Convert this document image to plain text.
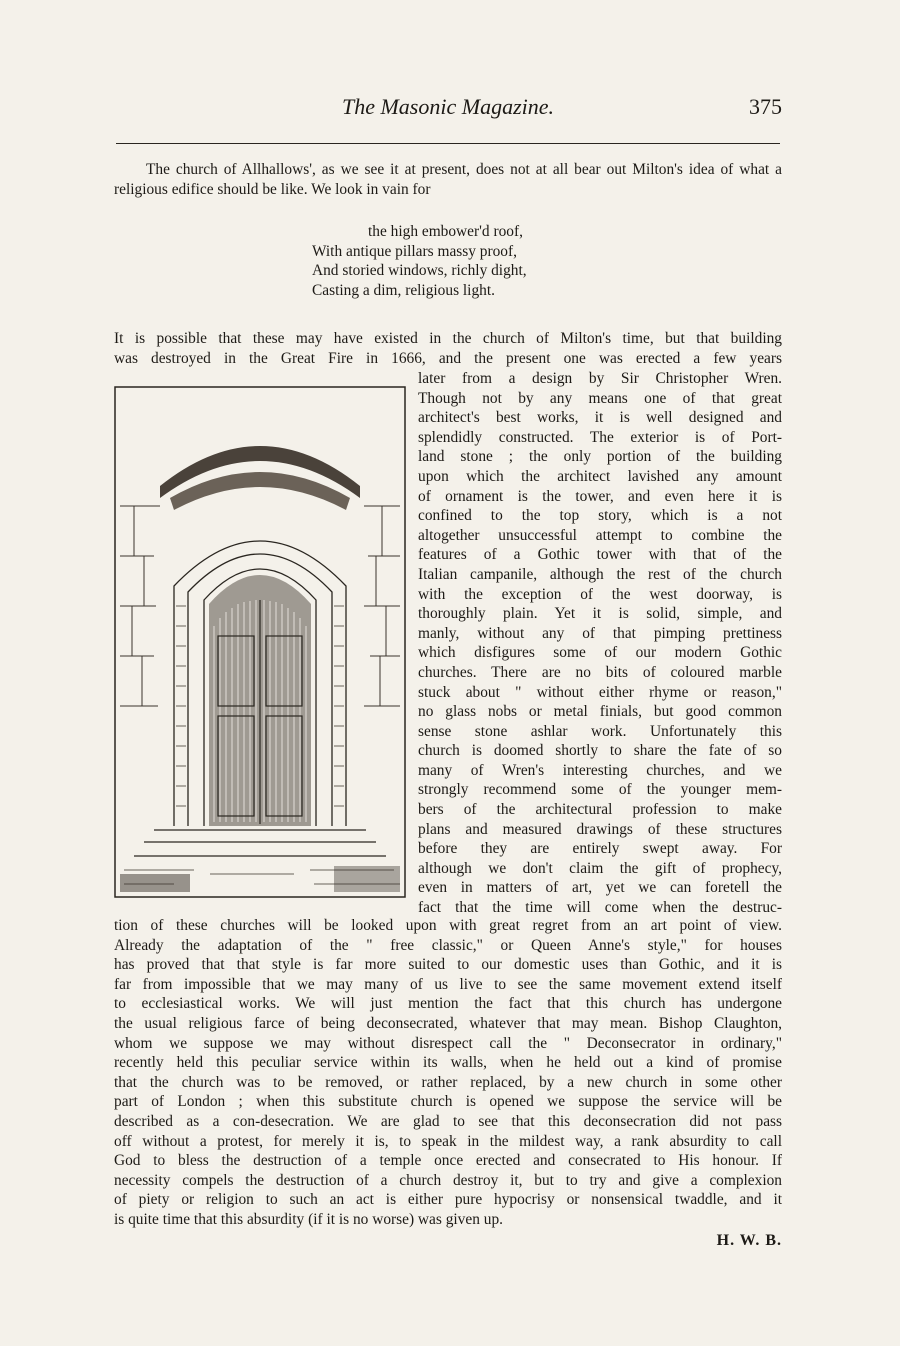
The Masonic Magazine.	375
The church of Allhallows', as we see it at present, does not at all bear out Milton's idea of what a religious edifice should be like. We look in vain for
the high embower'd roof,
With antique pillars massy proof,
And storied windows, richly dight,
Casting a dim, religious light.
It is possible that these may have existed in the church of Milton's time, but that building
was destroyed in the Great Fire in 1666, and the present one was erected a few years
later from a design by Sir Christopher Wren.
Though not by any means one of that great
architect's best works, it is well designed and
splendidly constructed. The exterior is of Port-
land stone ; the only portion of the building
upon which the architect lavished any amount
of ornament is the tower, and even here it is
confined to the top story, which is a not
altogether unsuccessful attempt to combine the
features of a Gothic tower with that of the
Italian campanile, although the rest of the church
with the exception of the west doorway, is
thoroughly plain. Yet it is solid, simple, and
manly, without any of that pimping prettiness
which disfigures some of our modern Gothic
churches. There are no bits of coloured marble
stuck about " without either rhyme or reason,"
no glass nobs or metal finials, but good common
sense stone ashlar work. Unfortunately this
church is doomed shortly to share the fate of so
many of Wren's interesting churches, and we
strongly recommend some of the younger mem-
bers of the architectural profession to make
plans and measured drawings of these structures
before they are entirely swept away. For
although we don't claim the gift of prophecy,
even in matters of art, yet we can foretell the
fact that the time will come when the destruc-
tion of these churches will be looked upon with great regret from an art point of view.
Already the adaptation of the " free classic," or Queen Anne's style," for houses
has proved that that style is far more suited to our domestic uses than Gothic, and it is
far from impossible that we may many of us live to see the same movement extend itself
to ecclesiastical works. We will just mention the fact that this church has undergone
the usual religious farce of being deconsecrated, whatever that may mean. Bishop Claughton,
whom we suppose we may without disrespect call the " Deconsecrator in ordinary,"
recently held this peculiar service within its walls, when he held out a kind of promise
that the church was to be removed, or rather replaced, by a new church in some other
part of London ; when this substitute church is opened we suppose the service will be
described as a con-desecration. We are glad to see that this deconsecration did not pass
off without a protest, for merely it is, to speak in the mildest way, a rank absurdity to call
God to bless the destruction of a temple once erected and consecrated to His honour. If
necessity compels the destruction of a church destroy it, but to try and give a complexion
of piety or religion to such an act is either pure hypocrisy or nonsensical twaddle, and it
is quite time that this absurdity (if it is no worse) was given up.
H. W. B.
